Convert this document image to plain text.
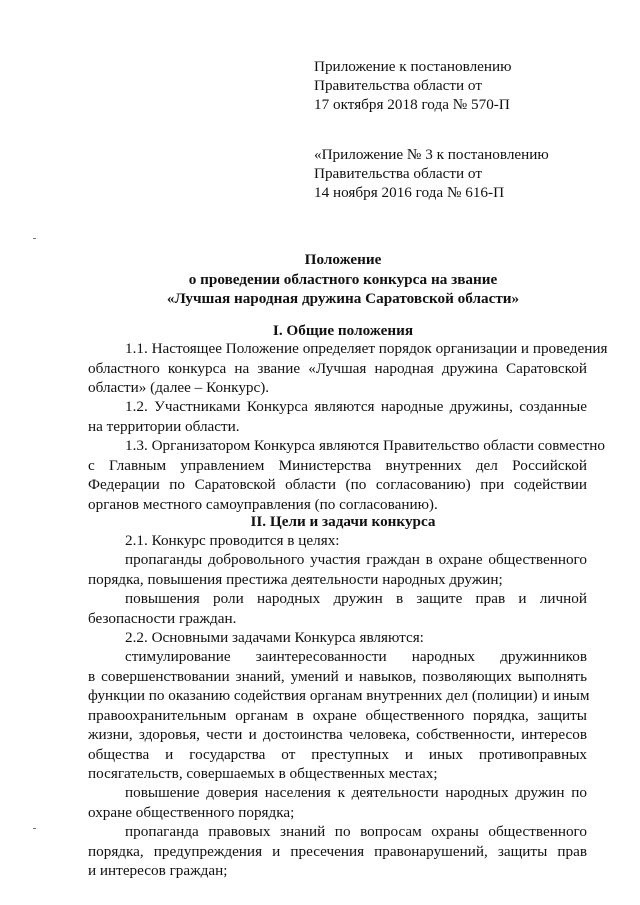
Приложение к постановлению
Правительства области от
17 октября 2018 года № 570-П
«Приложение № 3 к постановлению
Правительства области от
14 ноября 2016 года № 616-П
Положение
о проведении областного конкурса на звание
«Лучшая народная дружина Саратовской области»
I. Общие положения
1.1. Настоящее Положение определяет порядок организации и проведения
областного конкурса на звание «Лучшая народная дружина Саратовской
области» (далее – Конкурс).
1.2. Участниками Конкурса являются народные дружины, созданные
на территории области.
1.3. Организатором Конкурса являются Правительство области совместно
с Главным управлением Министерства внутренних дел Российской
Федерации по Саратовской области (по согласованию) при содействии
органов местного самоуправления (по согласованию).
II. Цели и задачи конкурса
2.1. Конкурс проводится в целях:
пропаганды добровольного участия граждан в охране общественного
порядка, повышения престижа деятельности народных дружин;
повышения роли народных дружин в защите прав и личной
безопасности граждан.
2.2. Основными задачами Конкурса являются:
стимулирование заинтересованности народных дружинников
в совершенствовании знаний, умений и навыков, позволяющих выполнять
функции по оказанию содействия органам внутренних дел (полиции) и иным
правоохранительным органам в охране общественного порядка, защиты
жизни, здоровья, чести и достоинства человека, собственности, интересов
общества и государства от преступных и иных противоправных
посягательств, совершаемых в общественных местах;
повышение доверия населения к деятельности народных дружин по
охране общественного порядка;
пропаганда правовых знаний по вопросам охраны общественного
порядка, предупреждения и пресечения правонарушений, защиты прав
и интересов граждан;
